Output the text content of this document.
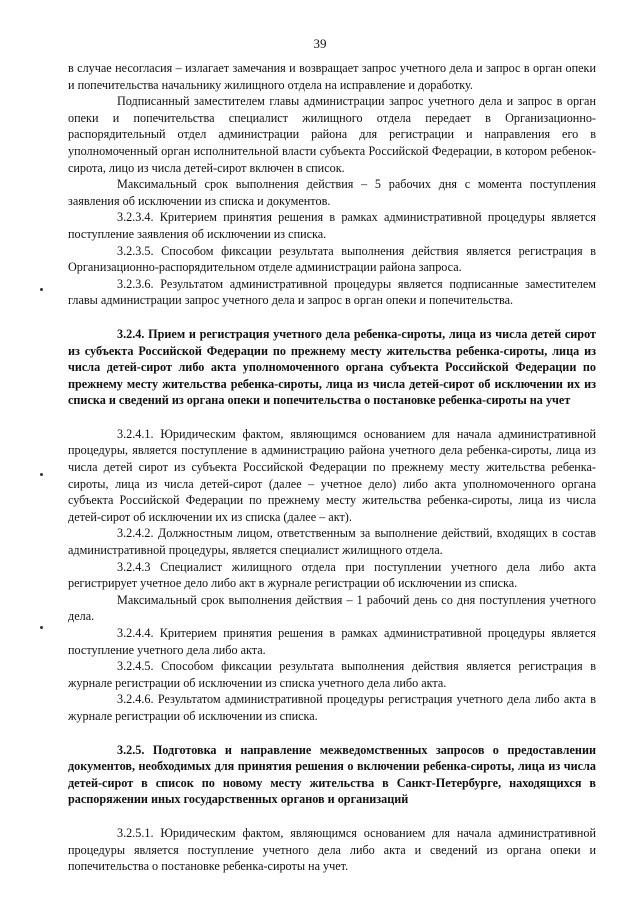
39

в случае несогласия – излагает замечания и возвращает запрос учетного дела и запрос в орган опеки и попечительства начальнику жилищного отдела на исправление и доработку.

Подписанный заместителем главы администрации запрос учетного дела и запрос в орган опеки и попечительства специалист жилищного отдела передает в Организационно-распорядительный отдел администрации района для регистрации и направления его в уполномоченный орган исполнительной власти субъекта Российской Федерации, в котором ребенок-сирота, лицо из числа детей-сирот включен в список.

Максимальный срок выполнения действия – 5 рабочих дня с момента поступления заявления об исключении из списка и документов.

3.2.3.4. Критерием принятия решения в рамках административной процедуры является поступление заявления об исключении из списка.

3.2.3.5. Способом фиксации результата выполнения действия является регистрация в Организационно-распорядительном отделе администрации района запроса.

3.2.3.6. Результатом административной процедуры является подписанные заместителем главы администрации запрос учетного дела и запрос в орган опеки и попечительства.

3.2.4. Прием и регистрация учетного дела ребенка-сироты, лица из числа детей сирот из субъекта Российской Федерации по прежнему месту жительства ребенка-сироты, лица из числа детей-сирот либо акта уполномоченного органа субъекта Российской Федерации по прежнему месту жительства ребенка-сироты, лица из числа детей-сирот об исключении их из списка и сведений из органа опеки и попечительства о постановке ребенка-сироты на учет

3.2.4.1. Юридическим фактом, являющимся основанием для начала административной процедуры, является поступление в администрацию района учетного дела ребенка-сироты, лица из числа детей сирот из субъекта Российской Федерации по прежнему месту жительства ребенка-сироты, лица из числа детей-сирот (далее – учетное дело) либо акта уполномоченного органа субъекта Российской Федерации по прежнему месту жительства ребенка-сироты, лица из числа детей-сирот об исключении их из списка (далее – акт).

3.2.4.2. Должностным лицом, ответственным за выполнение действий, входящих в состав административной процедуры, является специалист жилищного отдела.

3.2.4.3 Специалист жилищного отдела при поступлении учетного дела либо акта регистрирует учетное дело либо акт в журнале регистрации об исключении из списка.

Максимальный срок выполнения действия – 1 рабочий день со дня поступления учетного дела.

3.2.4.4. Критерием принятия решения в рамках административной процедуры является поступление учетного дела либо акта.

3.2.4.5. Способом фиксации результата выполнения действия является регистрация в журнале регистрации об исключении из списка учетного дела либо акта.

3.2.4.6. Результатом административной процедуры регистрация учетного дела либо акта в журнале регистрации об исключении из списка.

3.2.5. Подготовка и направление межведомственных запросов о предоставлении документов, необходимых для принятия решения о включении ребенка-сироты, лица из числа детей-сирот в список по новому месту жительства в Санкт-Петербурге, находящихся в распоряжении иных государственных органов и организаций

3.2.5.1. Юридическим фактом, являющимся основанием для начала административной процедуры является поступление учетного дела либо акта и сведений из органа опеки и попечительства о постановке ребенка-сироты на учет.
